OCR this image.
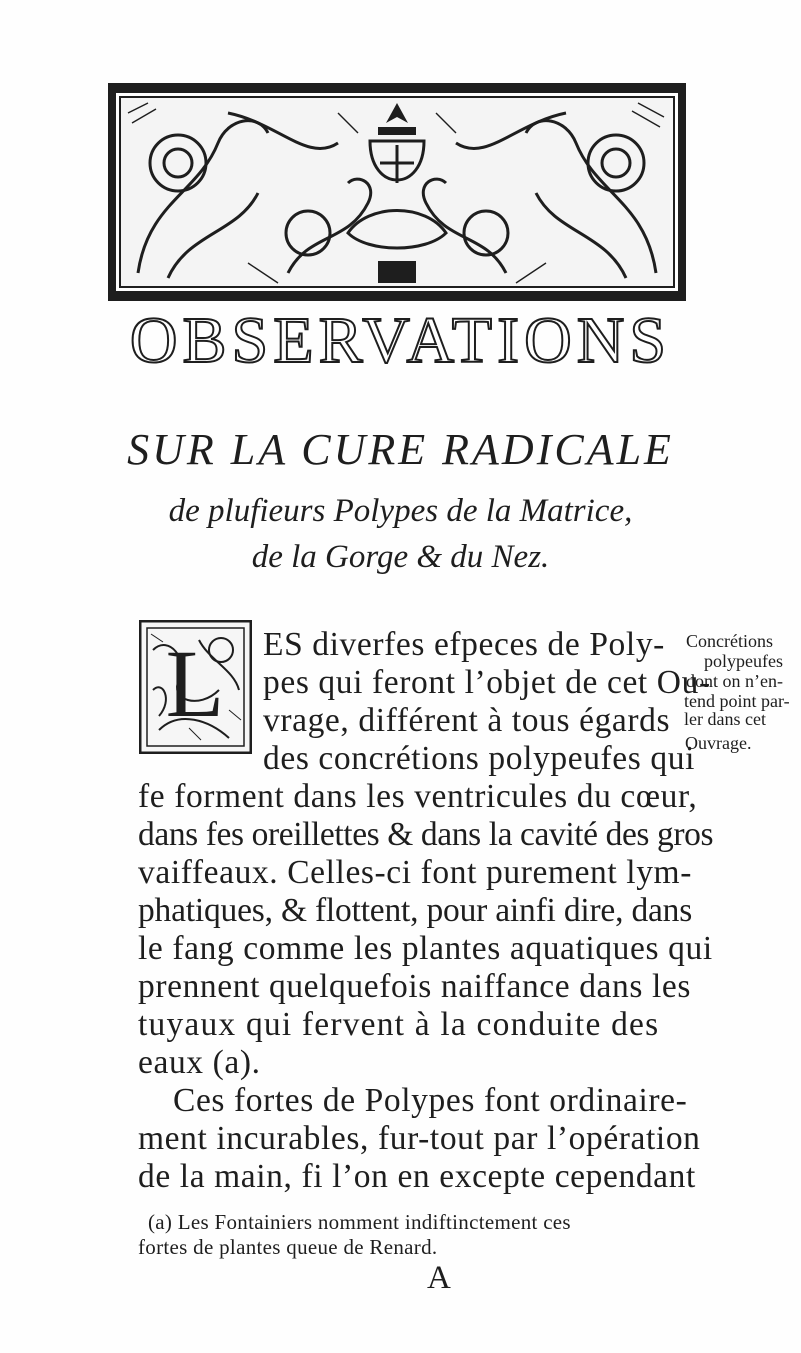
OBSERVATIONS
SUR LA CURE RADICALE
de plufieurs Polypes de la Matrice,
de la Gorge & du Nez.
L ES diverfes efpeces de Poly-
pes qui feront l’objet de cet Ou-
vrage, différent à tous égards
des concrétions polypeufes qui
fe forment dans les ventricules du cœur,
dans fes oreillettes & dans la cavité des gros
vaiffeaux. Celles-ci font purement lym-
phatiques, & flottent, pour ainfi dire, dans
le fang comme les plantes aquatiques qui
prennent quelquefois naiffance dans les
tuyaux qui fervent à la conduite des
eaux (a).
Ces fortes de Polypes font ordinaire-
ment incurables, fur-tout par l’opération
de la main, fi l’on en excepte cependant
Concrétions
polypeufes
dont on n’en-
tend point par-
ler dans cet
Ouvrage.
(a) Les Fontainiers nomment indiftinctement ces
fortes de plantes queue de Renard.
A
